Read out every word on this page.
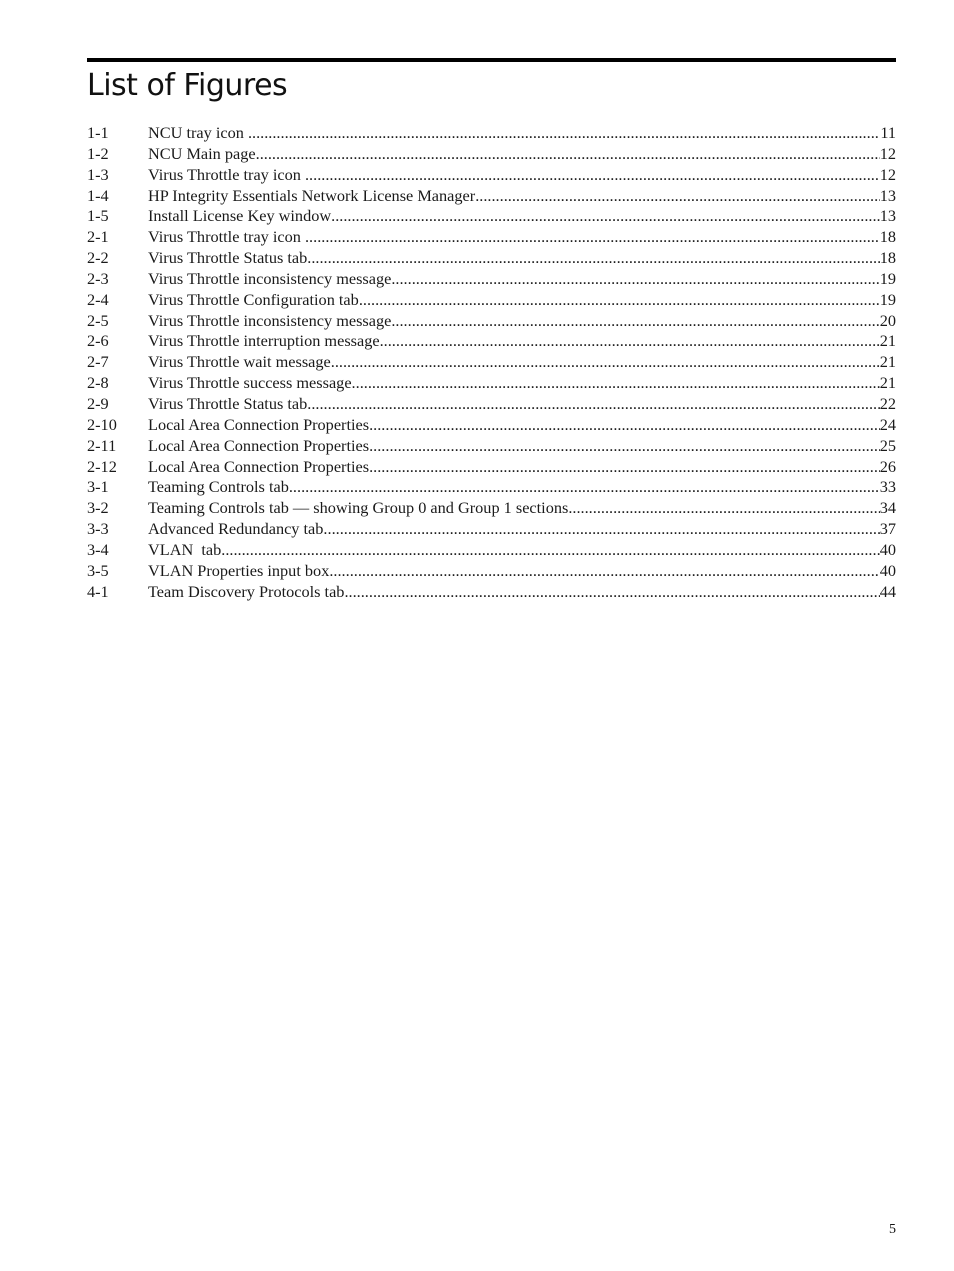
List of Figures
1-1	NCU tray icon .....	11
1-2	NCU Main page .....	12
1-3	Virus Throttle tray icon .....	12
1-4	HP Integrity Essentials Network License Manager .....	13
1-5	Install License Key window .....	13
2-1	Virus Throttle tray icon .....	18
2-2	Virus Throttle Status tab .....	18
2-3	Virus Throttle inconsistency message .....	19
2-4	Virus Throttle Configuration tab .....	19
2-5	Virus Throttle inconsistency message .....	20
2-6	Virus Throttle interruption message .....	21
2-7	Virus Throttle wait message .....	21
2-8	Virus Throttle success message .....	21
2-9	Virus Throttle Status tab .....	22
2-10	Local Area Connection Properties .....	24
2-11	Local Area Connection Properties .....	25
2-12	Local Area Connection Properties .....	26
3-1	Teaming Controls tab .....	33
3-2	Teaming Controls tab — showing Group 0 and Group 1 sections .....	34
3-3	Advanced Redundancy tab .....	37
3-4	VLAN  tab .....	40
3-5	VLAN Properties input box .....	40
4-1	Team Discovery Protocols tab .....	44
5
